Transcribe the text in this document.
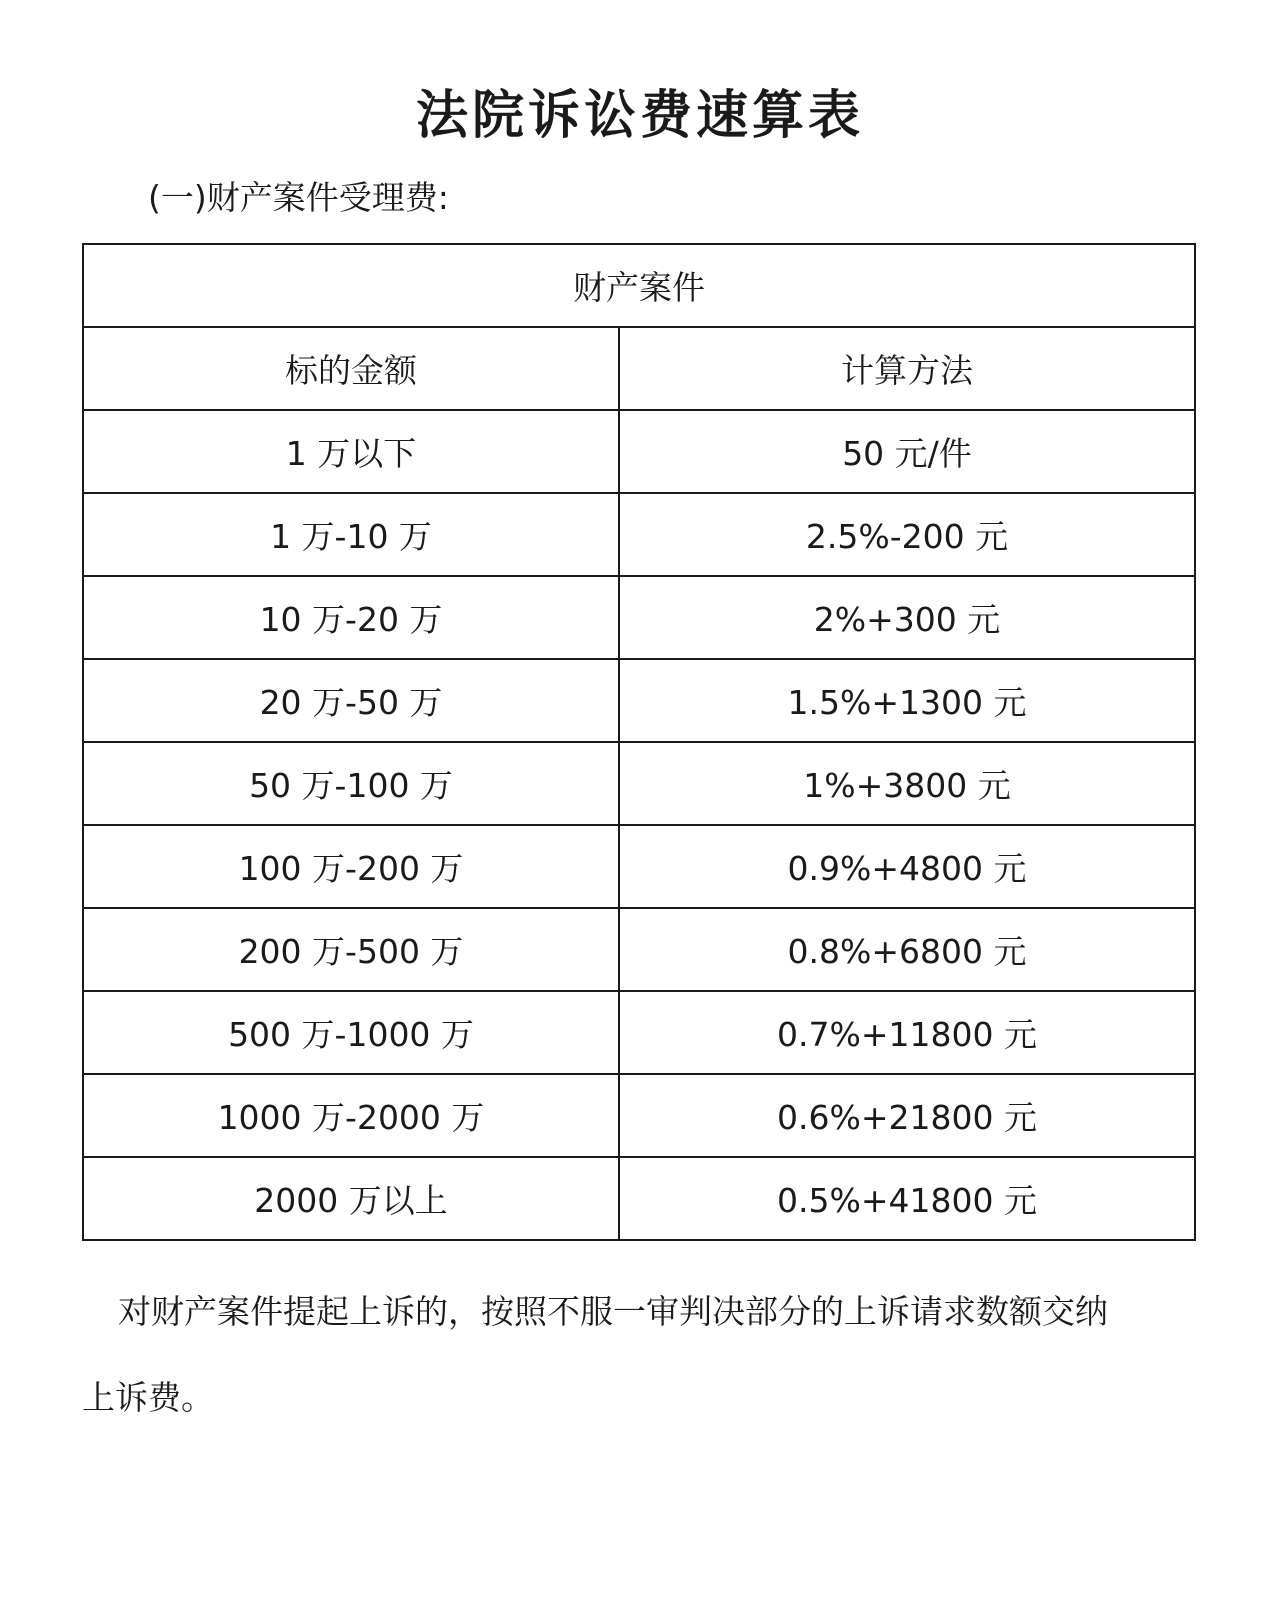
法院诉讼费速算表
(一)财产案件受理费:
财产案件	
标的金额	计算方法
1 万以下	50 元/件
1 万-10 万	2.5%-200 元
10 万-20 万	2%+300 元
20 万-50 万	1.5%+1300 元
50 万-100 万	1%+3800 元
100 万-200 万	0.9%+4800 元
200 万-500 万	0.8%+6800 元
500 万-1000 万	0.7%+11800 元
1000 万-2000 万	0.6%+21800 元
2000 万以上	0.5%+41800 元
对财产案件提起上诉的，按照不服一审判决部分的上诉请求数额交纳
上诉费。
